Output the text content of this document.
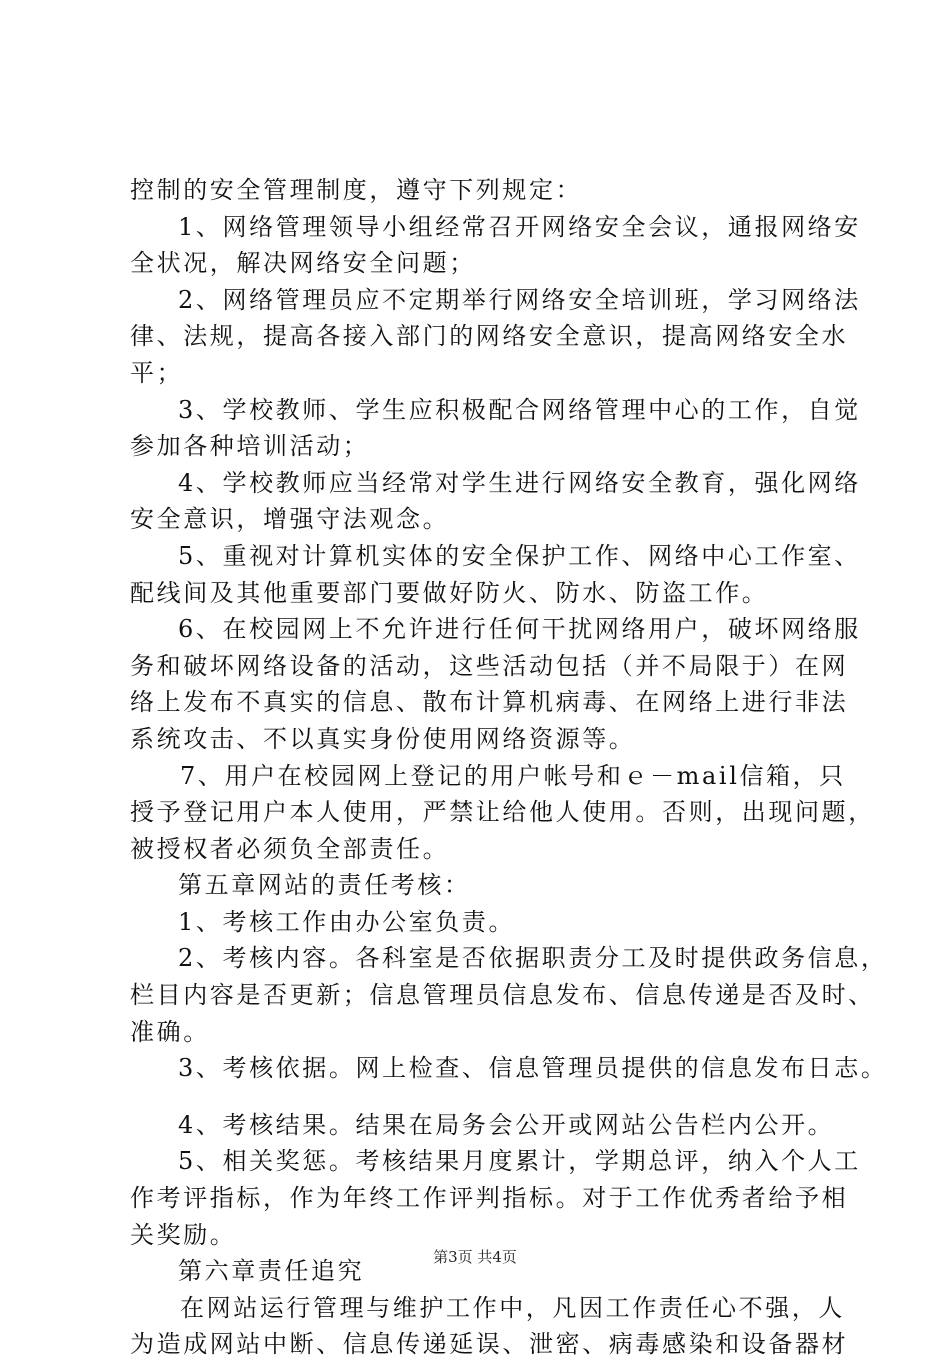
控制的安全管理制度，遵守下列规定：
1、网络管理领导小组经常召开网络安全会议，通报网络安
全状况，解决网络安全问题；
2、网络管理员应不定期举行网络安全培训班，学习网络法
律、法规，提高各接入部门的网络安全意识，提高网络安全水
平；
3、学校教师、学生应积极配合网络管理中心的工作，自觉
参加各种培训活动；
4、学校教师应当经常对学生进行网络安全教育，强化网络
安全意识，增强守法观念。
5、重视对计算机实体的安全保护工作、网络中心工作室、
配线间及其他重要部门要做好防火、防水、防盗工作。
6、在校园网上不允许进行任何干扰网络用户，破坏网络服
务和破坏网络设备的活动，这些活动包括（并不局限于）在网
络上发布不真实的信息、散布计算机病毒、在网络上进行非法
系统攻击、不以真实身份使用网络资源等。
7、用户在校园网上登记的用户帐号和ｅ－mail信箱，只
授予登记用户本人使用，严禁让给他人使用。否则，出现问题，
被授权者必须负全部责任。
第五章网站的责任考核：
1、考核工作由办公室负责。
2、考核内容。各科室是否依据职责分工及时提供政务信息，
栏目内容是否更新；信息管理员信息发布、信息传递是否及时、
准确。
3、考核依据。网上检查、信息管理员提供的信息发布日志。
4、考核结果。结果在局务会公开或网站公告栏内公开。
5、相关奖惩。考核结果月度累计，学期总评，纳入个人工
作考评指标，作为年终工作评判指标。对于工作优秀者给予相
关奖励。
第六章责任追究
在网站运行管理与维护工作中，凡因工作责任心不强，人
为造成网站中断、信息传递延误、泄密、病毒感染和设备器材
第3页 共4页
